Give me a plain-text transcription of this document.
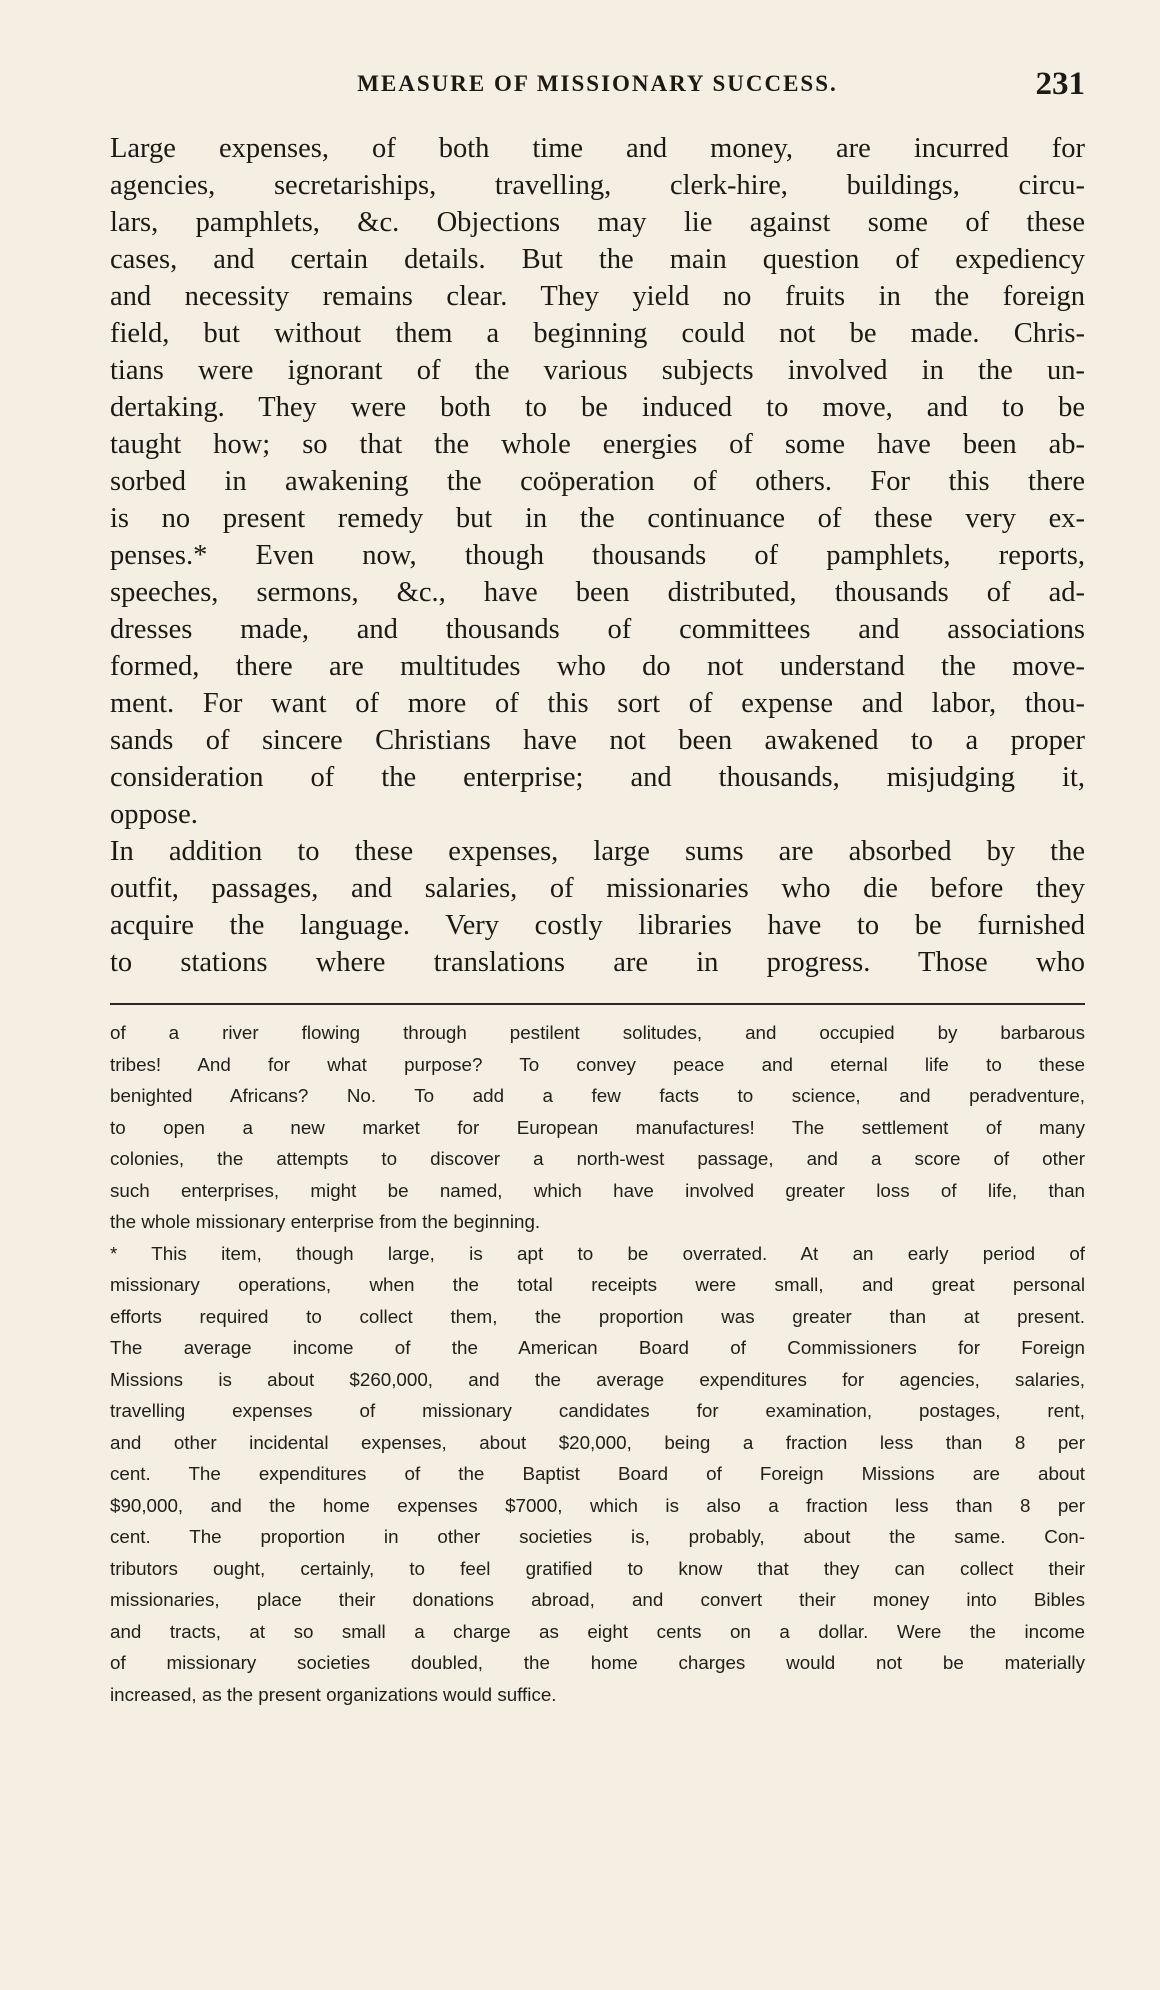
MEASURE OF MISSIONARY SUCCESS.	231
Large expenses, of both time and money, are incurred for
agencies, secretariships, travelling, clerk-hire, buildings, circu-
lars, pamphlets, &c. Objections may lie against some of these
cases, and certain details. But the main question of expediency
and necessity remains clear. They yield no fruits in the foreign
field, but without them a beginning could not be made. Chris-
tians were ignorant of the various subjects involved in the un-
dertaking. They were both to be induced to move, and to be
taught how; so that the whole energies of some have been ab-
sorbed in awakening the coöperation of others. For this there
is no present remedy but in the continuance of these very ex-
penses.* Even now, though thousands of pamphlets, reports,
speeches, sermons, &c., have been distributed, thousands of ad-
dresses made, and thousands of committees and associations
formed, there are multitudes who do not understand the move-
ment. For want of more of this sort of expense and labor, thou-
sands of sincere Christians have not been awakened to a proper
consideration of the enterprise; and thousands, misjudging it,
oppose.
In addition to these expenses, large sums are absorbed by the
outfit, passages, and salaries, of missionaries who die before they
acquire the language. Very costly libraries have to be furnished
to stations where translations are in progress. Those who
of a river flowing through pestilent solitudes, and occupied by barbarous
tribes! And for what purpose? To convey peace and eternal life to these
benighted Africans? No. To add a few facts to science, and peradventure,
to open a new market for European manufactures! The settlement of many
colonies, the attempts to discover a north-west passage, and a score of other
such enterprises, might be named, which have involved greater loss of life, than
the whole missionary enterprise from the beginning.
* This item, though large, is apt to be overrated. At an early period of
missionary operations, when the total receipts were small, and great personal
efforts required to collect them, the proportion was greater than at present.
The average income of the American Board of Commissioners for Foreign
Missions is about $260,000, and the average expenditures for agencies, salaries,
travelling expenses of missionary candidates for examination, postages, rent,
and other incidental expenses, about $20,000, being a fraction less than 8 per
cent. The expenditures of the Baptist Board of Foreign Missions are about
$90,000, and the home expenses $7000, which is also a fraction less than 8 per
cent. The proportion in other societies is, probably, about the same. Con-
tributors ought, certainly, to feel gratified to know that they can collect their
missionaries, place their donations abroad, and convert their money into Bibles
and tracts, at so small a charge as eight cents on a dollar. Were the income
of missionary societies doubled, the home charges would not be materially
increased, as the present organizations would suffice.
